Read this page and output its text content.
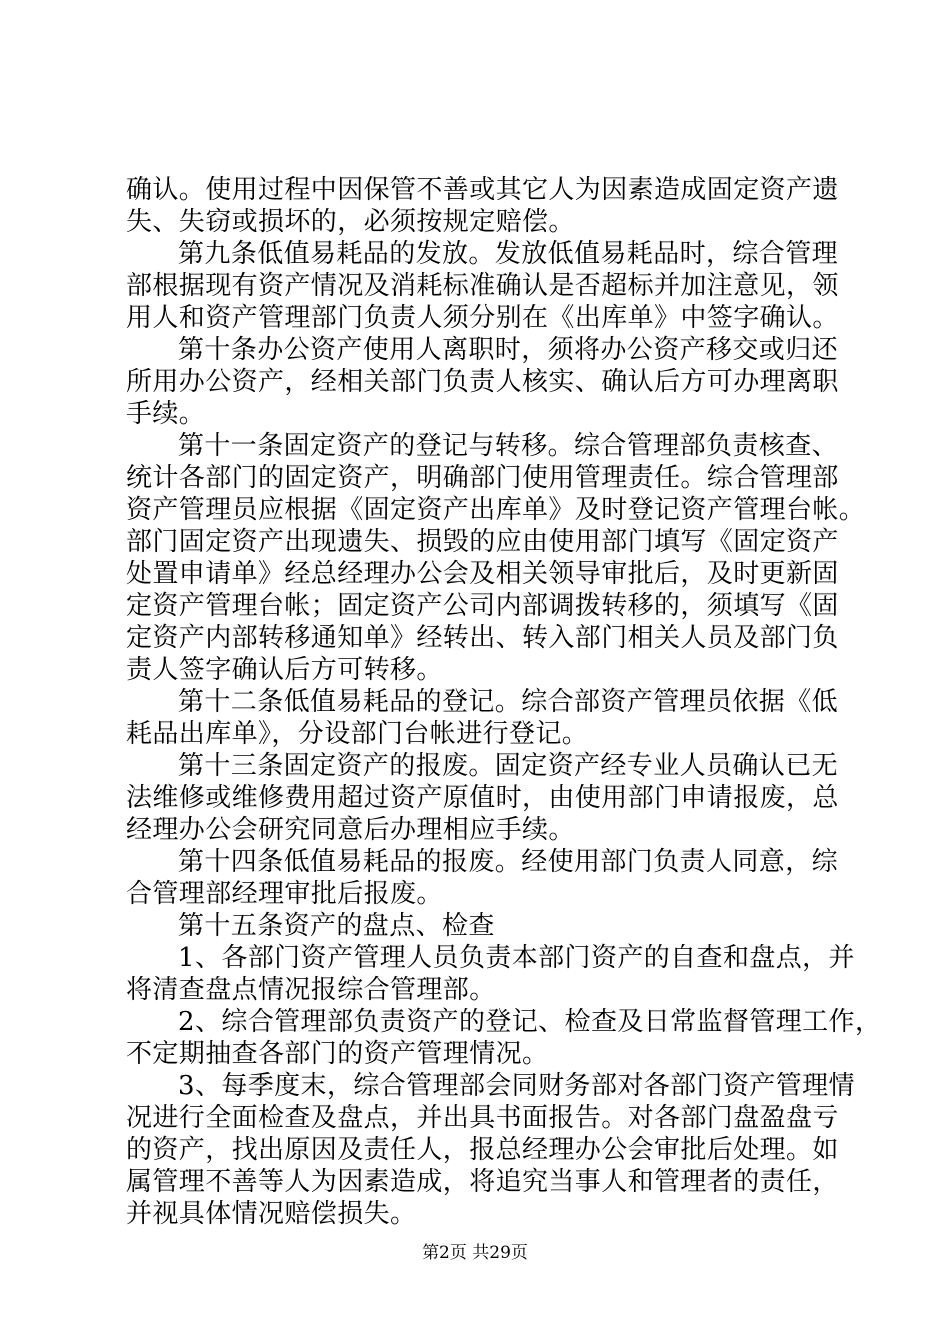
确认。使用过程中因保管不善或其它人为因素造成固定资产遗
失、失窃或损坏的，必须按规定赔偿。
第九条低值易耗品的发放。发放低值易耗品时，综合管理
部根据现有资产情况及消耗标准确认是否超标并加注意见，领
用人和资产管理部门负责人须分别在《出库单》中签字确认。
第十条办公资产使用人离职时，须将办公资产移交或归还
所用办公资产，经相关部门负责人核实、确认后方可办理离职
手续。
第十一条固定资产的登记与转移。综合管理部负责核查、
统计各部门的固定资产，明确部门使用管理责任。综合管理部
资产管理员应根据《固定资产出库单》及时登记资产管理台帐。
部门固定资产出现遗失、损毁的应由使用部门填写《固定资产
处置申请单》经总经理办公会及相关领导审批后，及时更新固
定资产管理台帐；固定资产公司内部调拨转移的，须填写《固
定资产内部转移通知单》经转出、转入部门相关人员及部门负
责人签字确认后方可转移。
第十二条低值易耗品的登记。综合部资产管理员依据《低
耗品出库单》，分设部门台帐进行登记。
第十三条固定资产的报废。固定资产经专业人员确认已无
法维修或维修费用超过资产原值时，由使用部门申请报废，总
经理办公会研究同意后办理相应手续。
第十四条低值易耗品的报废。经使用部门负责人同意，综
合管理部经理审批后报废。
第十五条资产的盘点、检查
1、各部门资产管理人员负责本部门资产的自查和盘点，并
将清查盘点情况报综合管理部。
2、综合管理部负责资产的登记、检查及日常监督管理工作，
不定期抽查各部门的资产管理情况。
3、每季度末，综合管理部会同财务部对各部门资产管理情
况进行全面检查及盘点，并出具书面报告。对各部门盘盈盘亏
的资产，找出原因及责任人，报总经理办公会审批后处理。如
属管理不善等人为因素造成，将追究当事人和管理者的责任，
并视具体情况赔偿损失。
第2页 共29页
